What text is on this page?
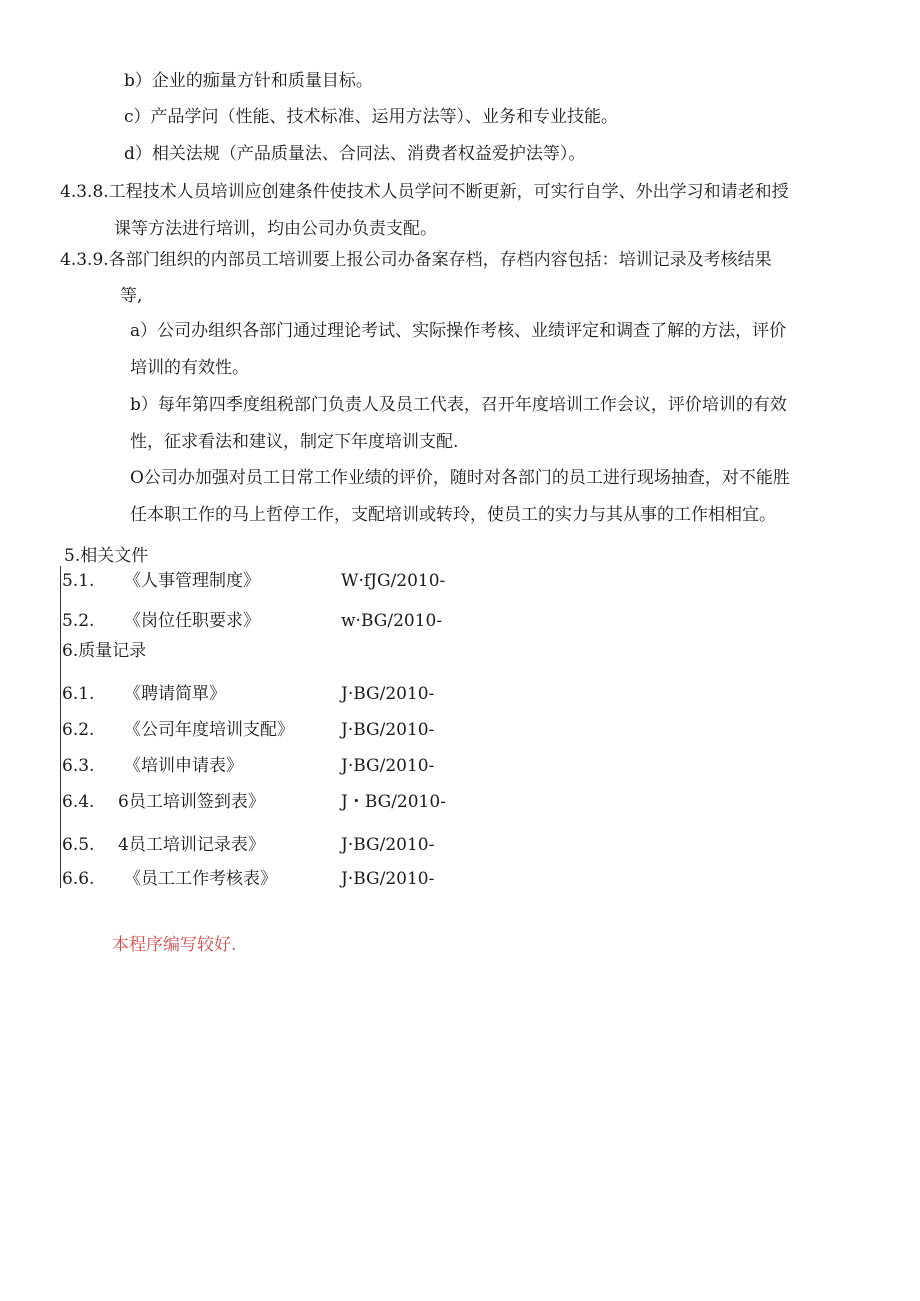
b）企业的痂量方针和质量目标。

c）产品学问（性能、技术标准、运用方法等）、业务和专业技能。

d）相关法规（产品质量法、合同法、消费者权益爱护法等）。

4.3.8.工程技术人员培训应创建条件使技术人员学问不断更新，可实行自学、外出学习和请老和授

课等方法进行培训，均由公司办负责支配。

4.3.9.各部门组织的内部员工培训要上报公司办备案存档，存档内容包括：培训记录及考核结果

等,

a）公司办组织各部门通过理论考试、实际操作考核、业绩评定和调查了解的方法，评价

培训的有效性。

b）每年第四季度组税部门负责人及员工代表，召开年度培训工作会议，评价培训的有效

性，征求看法和建议，制定下年度培训支配.

O公司办加强对员工日常工作业绩的评价，随时对各部门的员工进行现场抽查，对不能胜

任本职工作的马上哲停工作，支配培训或转玲，使员工的实力与其从事的工作相相宜。

5.相关文件

5.1. 《人事管理制度》	W·fJG/2010-

5.2. 《岗位任职要求》	w·BG/2010-

6.质量记录

6.1. 《聘请简單》	J·BG/2010-

6.2. 《公司年度培训支配》	J·BG/2010-

6.3. 《培训申请表》	J·BG/2010-

6.4. 6员工培训签到表》	J・BG/2010-

6.5. 4员工培训记录表》	J·BG/2010-

6.6. 《员工工作考核表》	J·BG/2010-

本程序编写较好.
